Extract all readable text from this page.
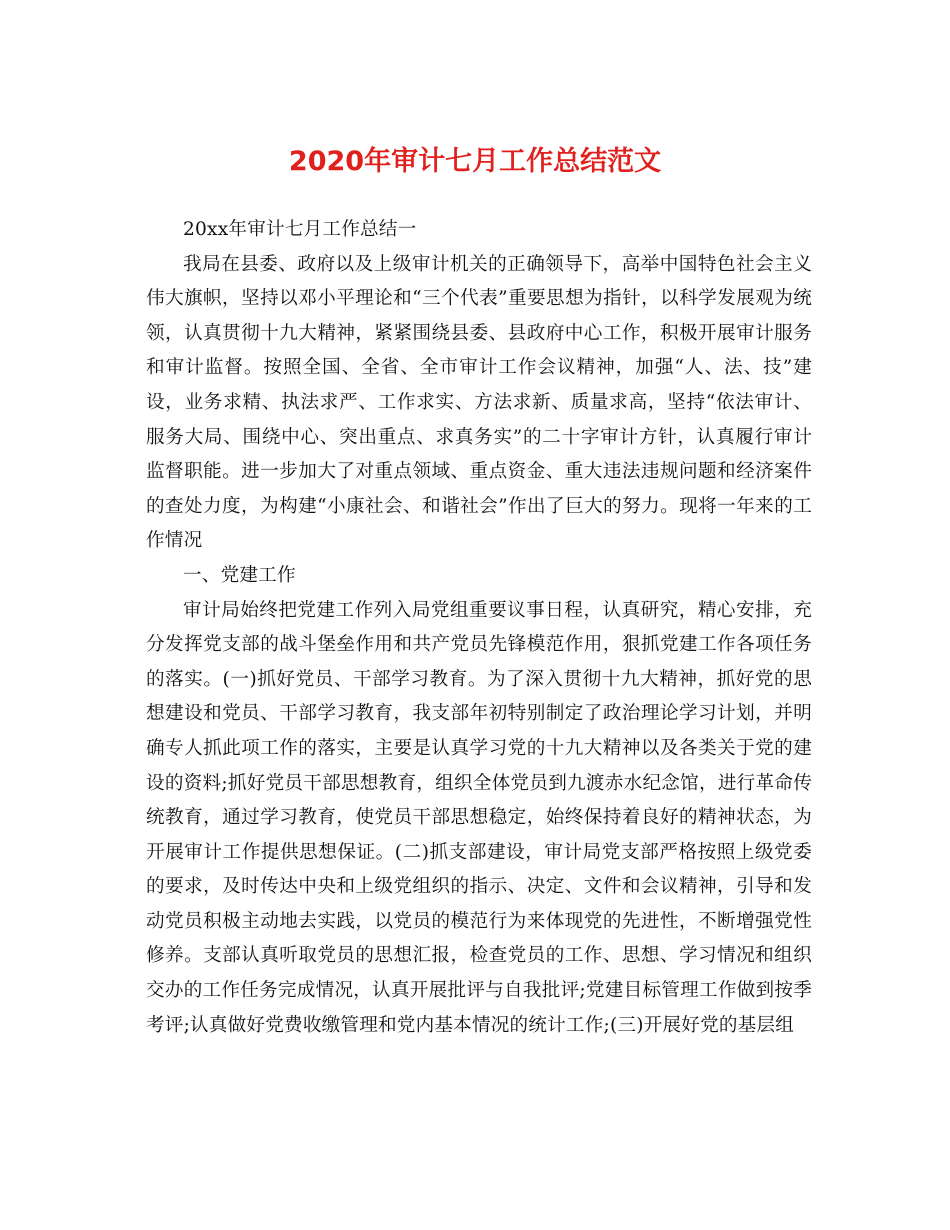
2020年审计七月工作总结范文

20xx年审计七月工作总结一

我局在县委、政府以及上级审计机关的正确领导下，高举中国特色社会主义伟大旗帜，坚持以邓小平理论和“三个代表”重要思想为指针，以科学发展观为统领，认真贯彻十九大精神，紧紧围绕县委、县政府中心工作，积极开展审计服务和审计监督。按照全国、全省、全市审计工作会议精神，加强“人、法、技”建设，业务求精、执法求严、工作求实、方法求新、质量求高，坚持“依法审计、服务大局、围绕中心、突出重点、求真务实”的二十字审计方针，认真履行审计监督职能。进一步加大了对重点领域、重点资金、重大违法违规问题和经济案件的查处力度，为构建“小康社会、和谐社会”作出了巨大的努力。现将一年来的工作情况

一、党建工作

审计局始终把党建工作列入局党组重要议事日程，认真研究，精心安排，充分发挥党支部的战斗堡垒作用和共产党员先锋模范作用，狠抓党建工作各项任务的落实。(一)抓好党员、干部学习教育。为了深入贯彻十九大精神，抓好党的思想建设和党员、干部学习教育，我支部年初特别制定了政治理论学习计划，并明确专人抓此项工作的落实，主要是认真学习党的十九大精神以及各类关于党的建设的资料;抓好党员干部思想教育，组织全体党员到九渡赤水纪念馆，进行革命传统教育，通过学习教育，使党员干部思想稳定，始终保持着良好的精神状态，为开展审计工作提供思想保证。(二)抓支部建设，审计局党支部严格按照上级党委的要求，及时传达中央和上级党组织的指示、决定、文件和会议精神，引导和发动党员积极主动地去实践，以党员的模范行为来体现党的先进性，不断增强党性修养。支部认真听取党员的思想汇报，检查党员的工作、思想、学习情况和组织交办的工作任务完成情况，认真开展批评与自我批评;党建目标管理工作做到按季考评;认真做好党费收缴管理和党内基本情况的统计工作;(三)开展好党的基层组
